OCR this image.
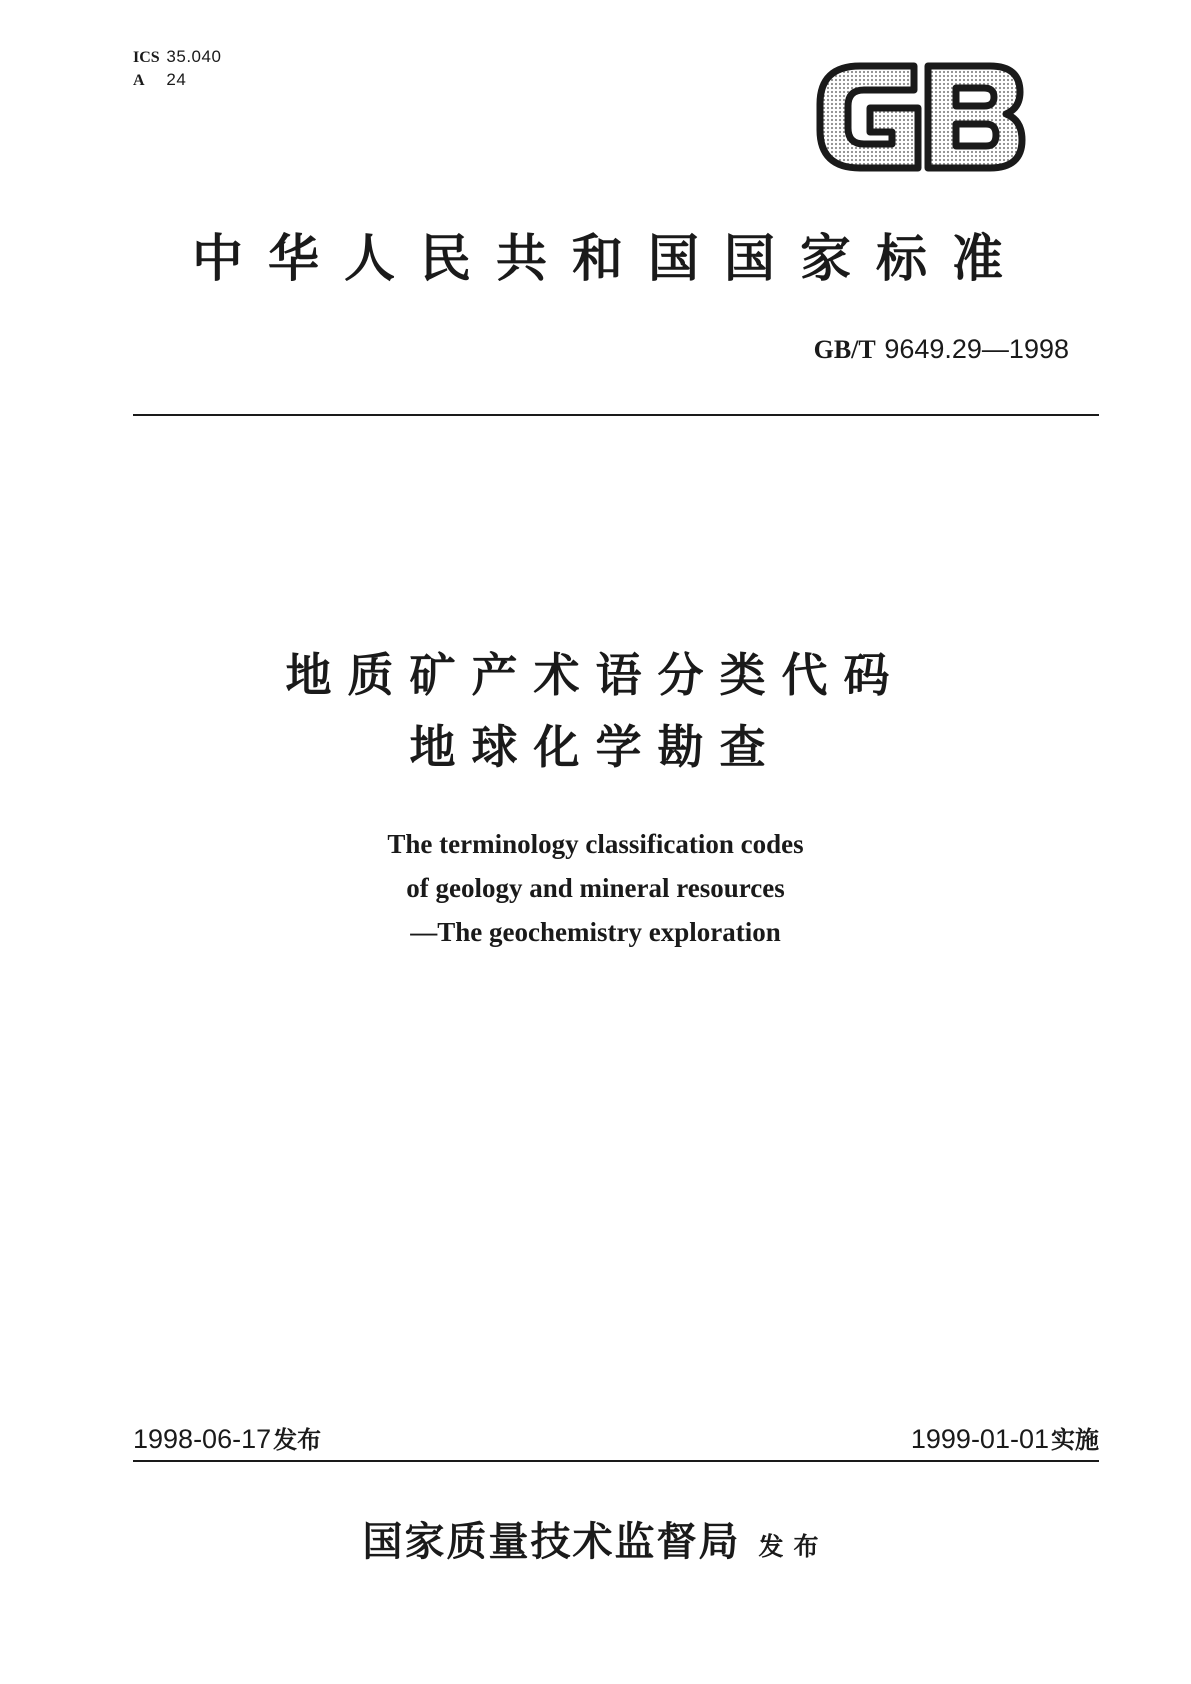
ICS 35.040
A 24
中华人民共和国国家标准
GB/T 9649.29—1998
地质矿产术语分类代码
地球化学勘查
The terminology classification codes
of geology and mineral resources
—The geochemistry exploration
1998-06-17发布	1999-01-01实施
国家质量技术监督局 发布
